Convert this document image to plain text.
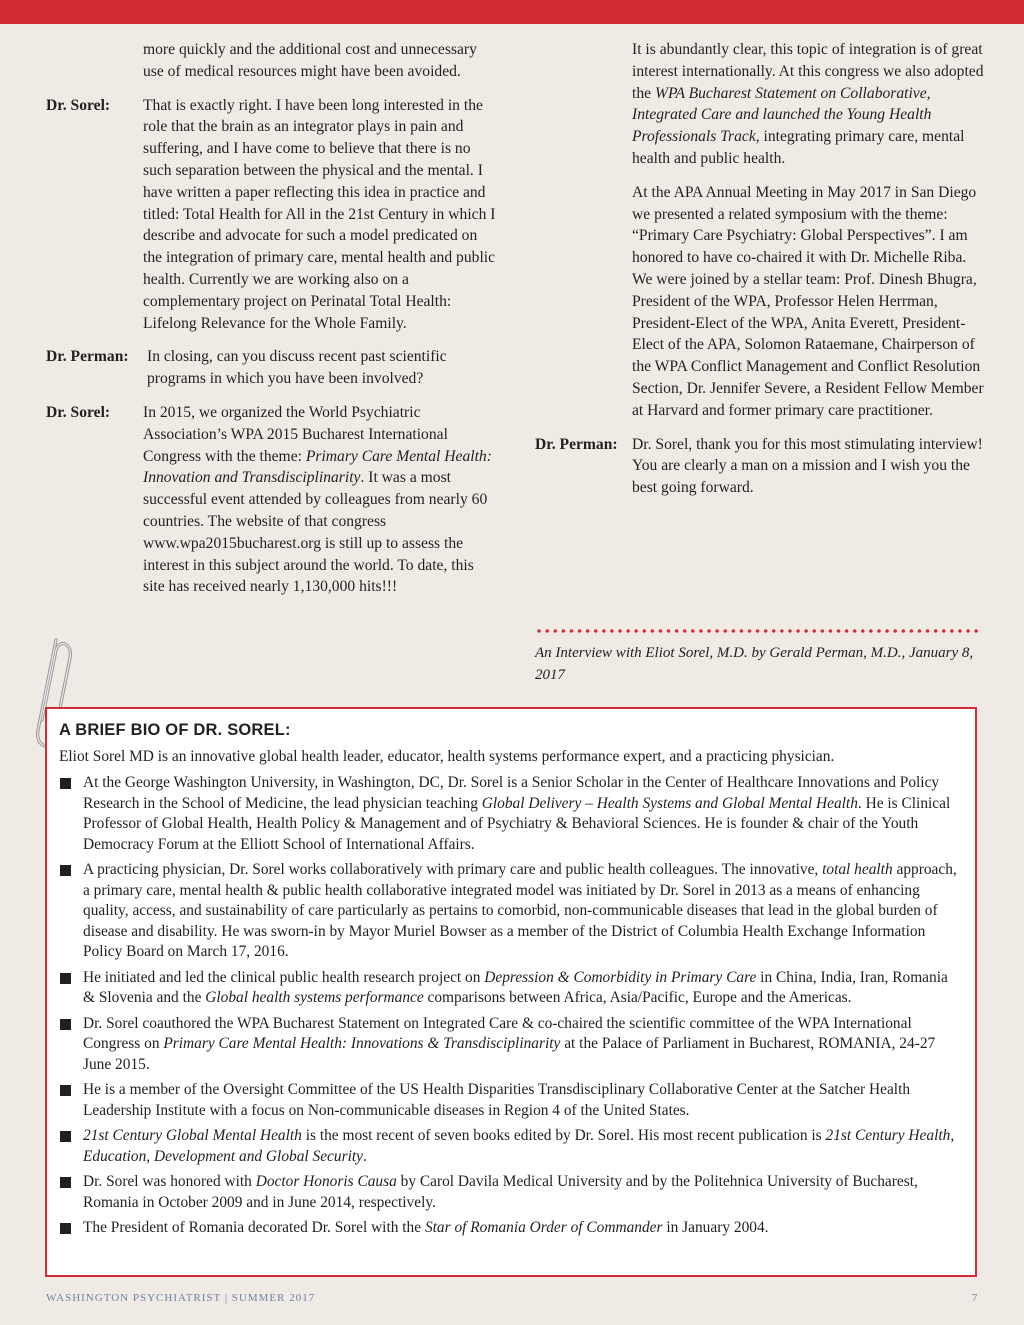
more quickly and the additional cost and unnecessary use of medical resources might have been avoided.
Dr. Sorel: That is exactly right. I have been long interested in the role that the brain as an integrator plays in pain and suffering, and I have come to believe that there is no such separation between the physical and the mental. I have written a paper reflecting this idea in practice and titled: Total Health for All in the 21st Century in which I describe and advocate for such a model predicated on the integration of primary care, mental health and public health. Currently we are working also on a complementary project on Perinatal Total Health: Lifelong Relevance for the Whole Family.
Dr. Perman: In closing, can you discuss recent past scientific programs in which you have been involved?
Dr. Sorel: In 2015, we organized the World Psychiatric Association’s WPA 2015 Bucharest International Congress with the theme: Primary Care Mental Health: Innovation and Transdisciplinarity. It was a most successful event attended by colleagues from nearly 60 countries. The website of that congress www.wpa2015bucharest.org is still up to assess the interest in this subject around the world. To date, this site has received nearly 1,130,000 hits!!!
It is abundantly clear, this topic of integration is of great interest internationally. At this congress we also adopted the WPA Bucharest Statement on Collaborative, Integrated Care and launched the Young Health Professionals Track, integrating primary care, mental health and public health.
At the APA Annual Meeting in May 2017 in San Diego we presented a related symposium with the theme: “Primary Care Psychiatry: Global Perspectives”. I am honored to have co-chaired it with Dr. Michelle Riba. We were joined by a stellar team: Prof. Dinesh Bhugra, President of the WPA, Professor Helen Herrman, President-Elect of the WPA, Anita Everett, President-Elect of the APA, Solomon Rataemane, Chairperson of the WPA Conflict Management and Conflict Resolution Section, Dr. Jennifer Severe, a Resident Fellow Member at Harvard and former primary care practitioner.
Dr. Perman: Dr. Sorel, thank you for this most stimulating interview! You are clearly a man on a mission and I wish you the best going forward.
An Interview with Eliot Sorel, M.D. by Gerald Perman, M.D., January 8, 2017
A BRIEF BIO OF DR. SOREL:
Eliot Sorel MD is an innovative global health leader, educator, health systems performance expert, and a practicing physician.
At the George Washington University, in Washington, DC, Dr. Sorel is a Senior Scholar in the Center of Healthcare Innovations and Policy Research in the School of Medicine, the lead physician teaching Global Delivery – Health Systems and Global Mental Health. He is Clinical Professor of Global Health, Health Policy & Management and of Psychiatry & Behavioral Sciences. He is founder & chair of the Youth Democracy Forum at the Elliott School of International Affairs.
A practicing physician, Dr. Sorel works collaboratively with primary care and public health colleagues. The innovative, total health approach, a primary care, mental health & public health collaborative integrated model was initiated by Dr. Sorel in 2013 as a means of enhancing quality, access, and sustainability of care particularly as pertains to comorbid, non-communicable diseases that lead in the global burden of disease and disability. He was sworn-in by Mayor Muriel Bowser as a member of the District of Columbia Health Exchange Information Policy Board on March 17, 2016.
He initiated and led the clinical public health research project on Depression & Comorbidity in Primary Care in China, India, Iran, Romania & Slovenia and the Global health systems performance comparisons between Africa, Asia/Pacific, Europe and the Americas.
Dr. Sorel coauthored the WPA Bucharest Statement on Integrated Care & co-chaired the scientific committee of the WPA International Congress on Primary Care Mental Health: Innovations & Transdisciplinarity at the Palace of Parliament in Bucharest, ROMANIA, 24-27 June 2015.
He is a member of the Oversight Committee of the US Health Disparities Transdisciplinary Collaborative Center at the Satcher Health Leadership Institute with a focus on Non-communicable diseases in Region 4 of the United States.
21st Century Global Mental Health is the most recent of seven books edited by Dr. Sorel. His most recent publication is 21st Century Health, Education, Development and Global Security.
Dr. Sorel was honored with Doctor Honoris Causa by Carol Davila Medical University and by the Politehnica University of Bucharest, Romania in October 2009 and in June 2014, respectively.
The President of Romania decorated Dr. Sorel with the Star of Romania Order of Commander in January 2004.
WASHINGTON PSYCHIATRIST | SUMMER 2017	7
